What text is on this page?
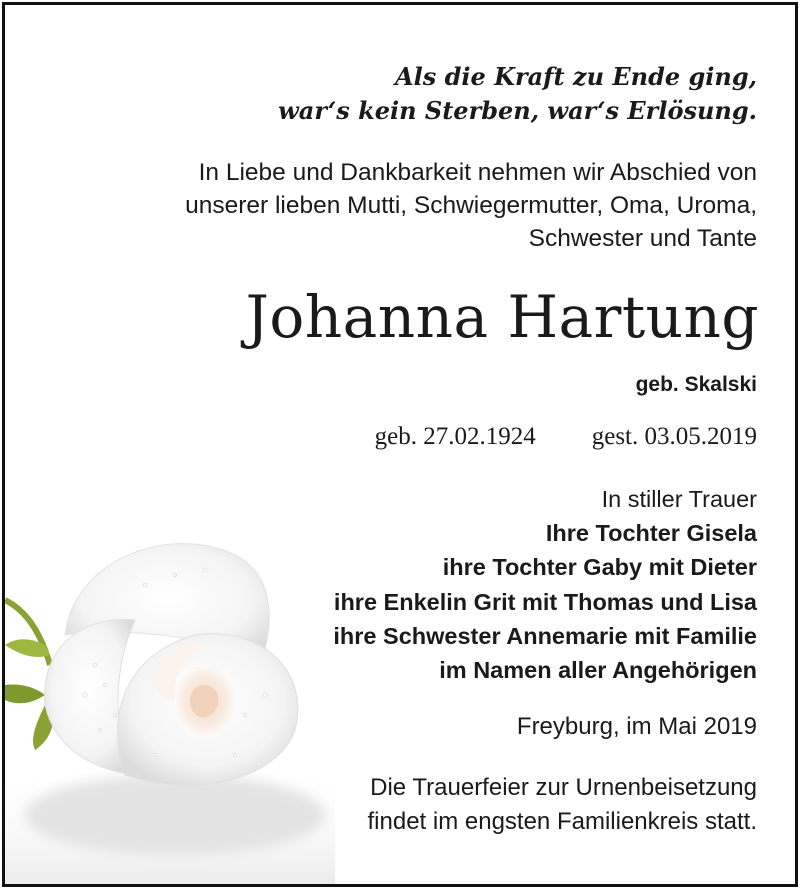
Als die Kraft zu Ende ging,
war‘s kein Sterben, war‘s Erlösung.
In Liebe und Dankbarkeit nehmen wir Abschied von
unserer lieben Mutti, Schwiegermutter, Oma, Uroma,
Schwester und Tante
Johanna Hartung
geb. Skalski
geb. 27.02.1924 gest. 03.05.2019
In stiller Trauer
Ihre Tochter Gisela
ihre Tochter Gaby mit Dieter
ihre Enkelin Grit mit Thomas und Lisa
ihre Schwester Annemarie mit Familie
im Namen aller Angehörigen
Freyburg, im Mai 2019
Die Trauerfeier zur Urnenbeisetzung
findet im engsten Familienkreis statt.
